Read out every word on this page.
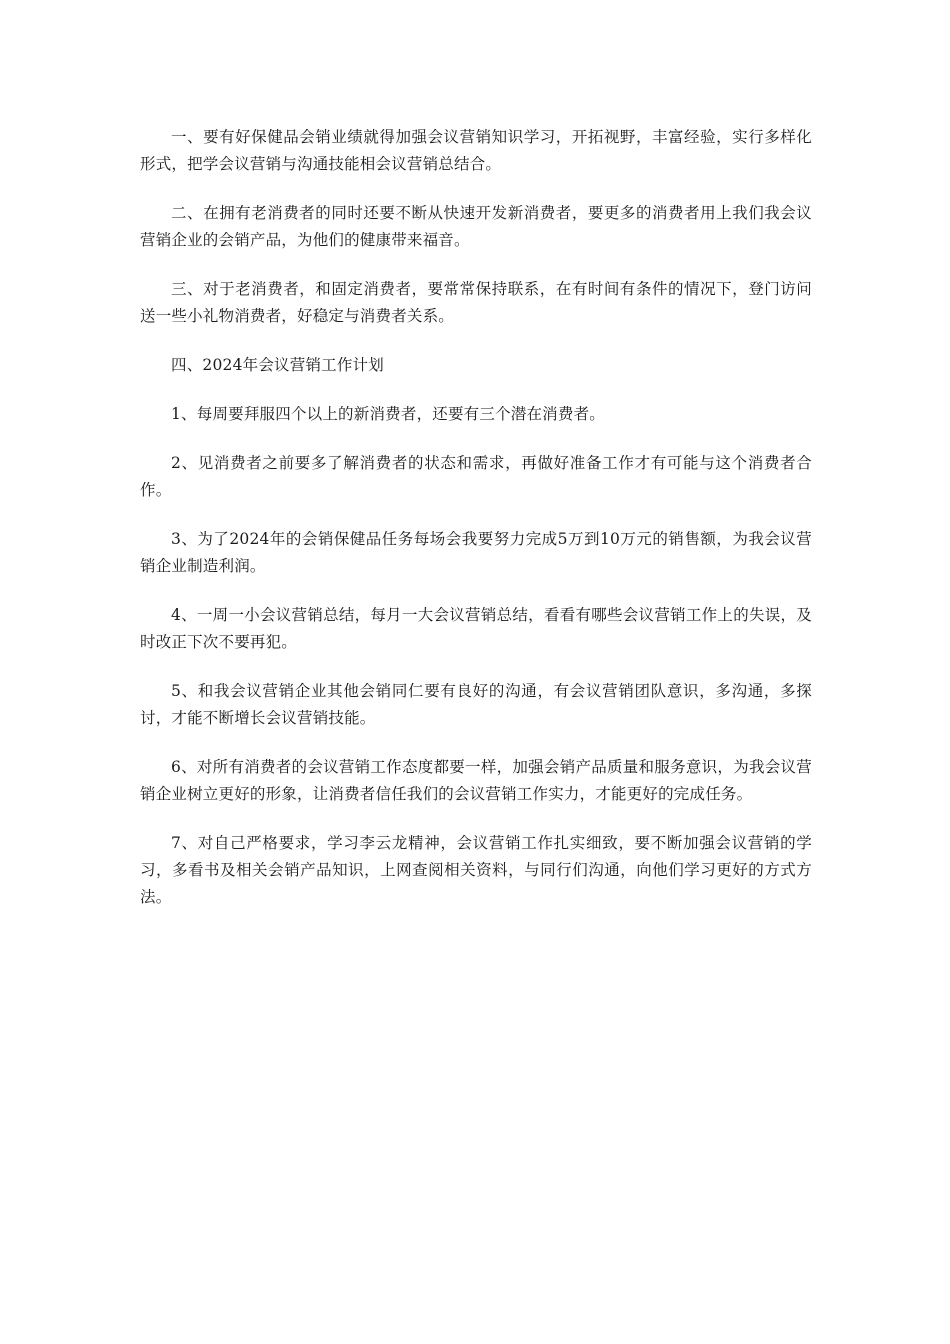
一、要有好保健品会销业绩就得加强会议营销知识学习，开拓视野，丰富经验，实行多样化形式，把学会议营销与沟通技能相会议营销总结合。

二、在拥有老消费者的同时还要不断从快速开发新消费者，要更多的消费者用上我们我会议营销企业的会销产品，为他们的健康带来福音。

三、对于老消费者，和固定消费者，要常常保持联系，在有时间有条件的情况下，登门访问送一些小礼物消费者，好稳定与消费者关系。

四、2024年会议营销工作计划

1、每周要拜服四个以上的新消费者，还要有三个潜在消费者。

2、见消费者之前要多了解消费者的状态和需求，再做好准备工作才有可能与这个消费者合作。

3、为了2024年的会销保健品任务每场会我要努力完成5万到10万元的销售额，为我会议营销企业制造利润。

4、一周一小会议营销总结，每月一大会议营销总结，看看有哪些会议营销工作上的失误，及时改正下次不要再犯。

5、和我会议营销企业其他会销同仁要有良好的沟通，有会议营销团队意识，多沟通，多探讨，才能不断增长会议营销技能。

6、对所有消费者的会议营销工作态度都要一样，加强会销产品质量和服务意识，为我会议营销企业树立更好的形象，让消费者信任我们的会议营销工作实力，才能更好的完成任务。

7、对自己严格要求，学习李云龙精神，会议营销工作扎实细致，要不断加强会议营销的学习，多看书及相关会销产品知识，上网查阅相关资料，与同行们沟通，向他们学习更好的方式方法。
